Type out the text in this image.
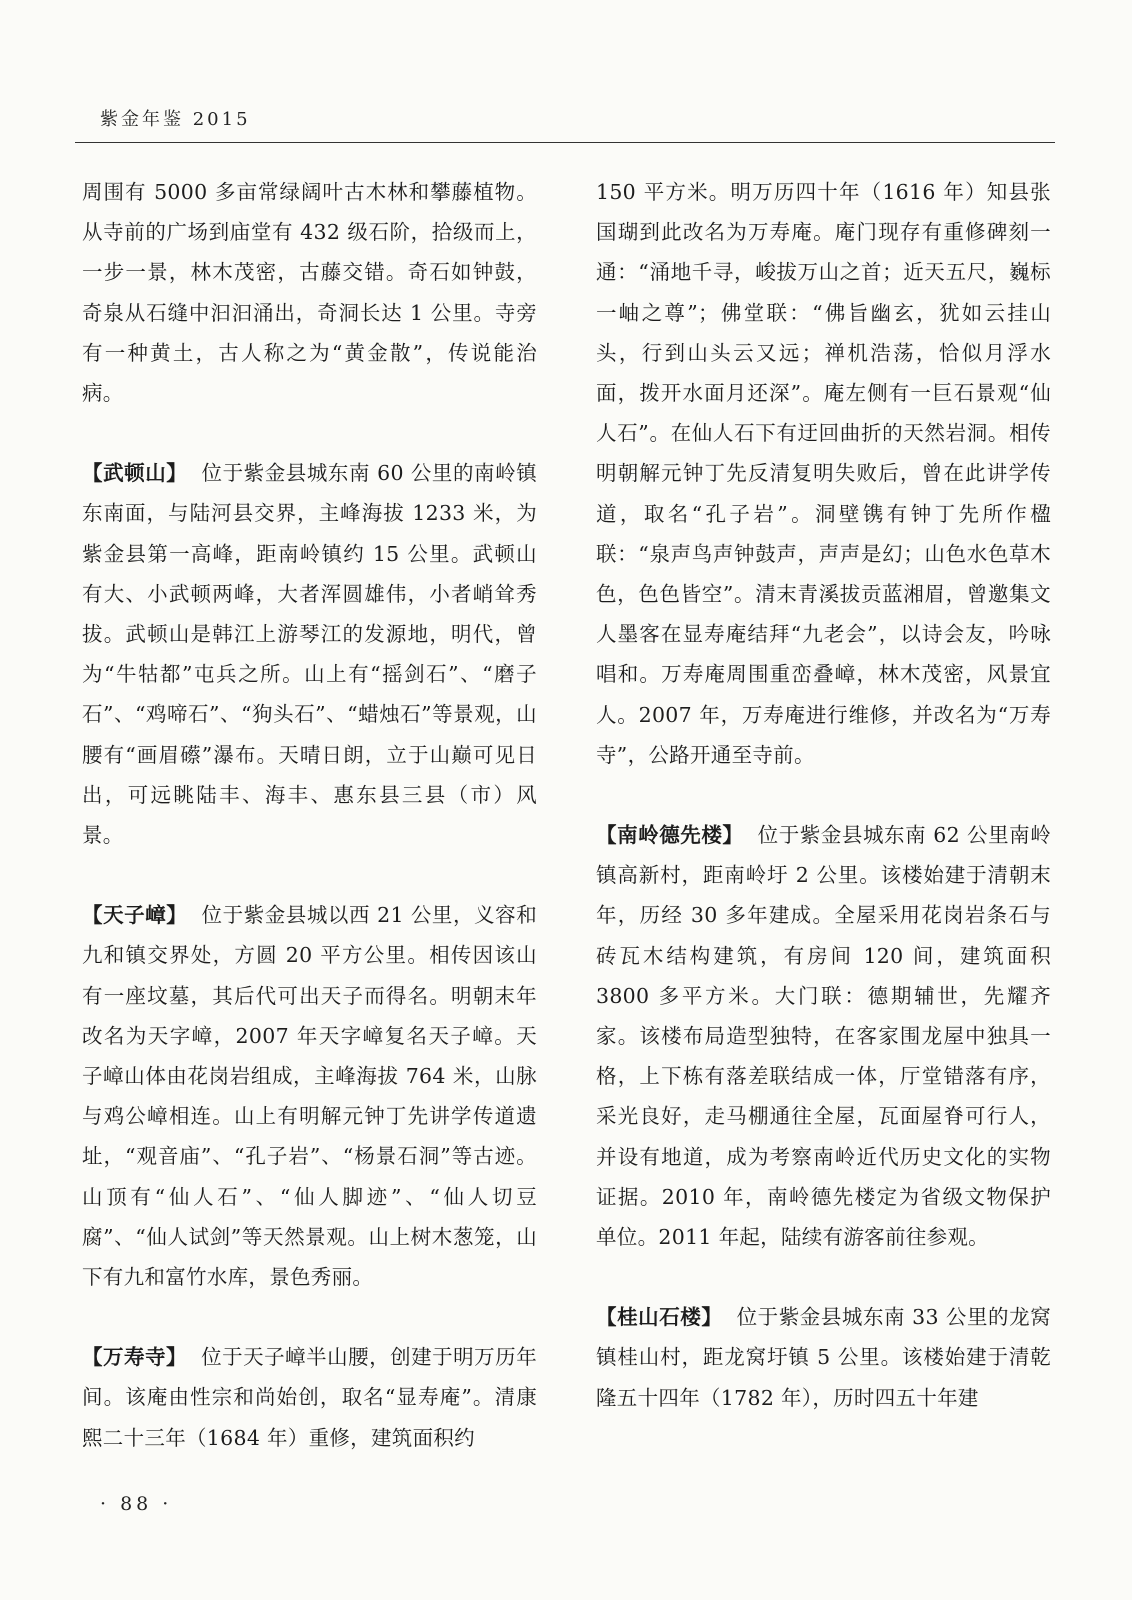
紫金年鉴 2015

周围有 5000 多亩常绿阔叶古木林和攀藤植物。从寺前的广场到庙堂有 432 级石阶，拾级而上，一步一景，林木茂密，古藤交错。奇石如钟鼓，奇泉从石缝中汩汩涌出，奇洞长达 1 公里。寺旁有一种黄土，古人称之为“黄金散”，传说能治病。

【武顿山】 位于紫金县城东南 60 公里的南岭镇东南面，与陆河县交界，主峰海拔 1233 米，为紫金县第一高峰，距南岭镇约 15 公里。武顿山有大、小武顿两峰，大者浑圆雄伟，小者峭耸秀拔。武顿山是韩江上游琴江的发源地，明代，曾为“牛牯都”屯兵之所。山上有“摇剑石”、“磨子石”、“鸡啼石”、“狗头石”、“蜡烛石”等景观，山腰有“画眉礤”瀑布。天晴日朗，立于山巅可见日出，可远眺陆丰、海丰、惠东县三县（市）风景。

【天子嶂】 位于紫金县城以西 21 公里，义容和九和镇交界处，方圆 20 平方公里。相传因该山有一座坟墓，其后代可出天子而得名。明朝末年改名为天字嶂，2007 年天字嶂复名天子嶂。天子嶂山体由花岗岩组成，主峰海拔 764 米，山脉与鸡公嶂相连。山上有明解元钟丁先讲学传道遗址，“观音庙”、“孔子岩”、“杨景石洞”等古迹。山顶有“仙人石”、“仙人脚迹”、“仙人切豆腐”、“仙人试剑”等天然景观。山上树木葱笼，山下有九和富竹水库，景色秀丽。

【万寿寺】 位于天子嶂半山腰，创建于明万历年间。该庵由性宗和尚始创，取名“显寿庵”。清康熙二十三年（1684 年）重修，建筑面积约

150 平方米。明万历四十年（1616 年）知县张国瑚到此改名为万寿庵。庵门现存有重修碑刻一通：“涌地千寻，峻拔万山之首；近天五尺，巍标一岫之尊”；佛堂联：“佛旨幽玄，犹如云挂山头，行到山头云又远；禅机浩荡，恰似月浮水面，拨开水面月还深”。庵左侧有一巨石景观“仙人石”。在仙人石下有迂回曲折的天然岩洞。相传明朝解元钟丁先反清复明失败后，曾在此讲学传道，取名“孔子岩”。洞壁镌有钟丁先所作楹联：“泉声鸟声钟鼓声，声声是幻；山色水色草木色，色色皆空”。清末青溪拔贡蓝湘眉，曾邀集文人墨客在显寿庵结拜“九老会”，以诗会友，吟咏唱和。万寿庵周围重峦叠嶂，林木茂密，风景宜人。2007 年，万寿庵进行维修，并改名为“万寿寺”，公路开通至寺前。

【南岭德先楼】 位于紫金县城东南 62 公里南岭镇高新村，距南岭圩 2 公里。该楼始建于清朝末年，历经 30 多年建成。全屋采用花岗岩条石与砖瓦木结构建筑，有房间 120 间，建筑面积 3800 多平方米。大门联：德期辅世，先耀齐家。该楼布局造型独特，在客家围龙屋中独具一格，上下栋有落差联结成一体，厅堂错落有序，采光良好，走马棚通往全屋，瓦面屋脊可行人，并设有地道，成为考察南岭近代历史文化的实物证据。2010 年，南岭德先楼定为省级文物保护单位。2011 年起，陆续有游客前往参观。

【桂山石楼】 位于紫金县城东南 33 公里的龙窝镇桂山村，距龙窝圩镇 5 公里。该楼始建于清乾隆五十四年（1782 年），历时四五十年建

· 88 ·
